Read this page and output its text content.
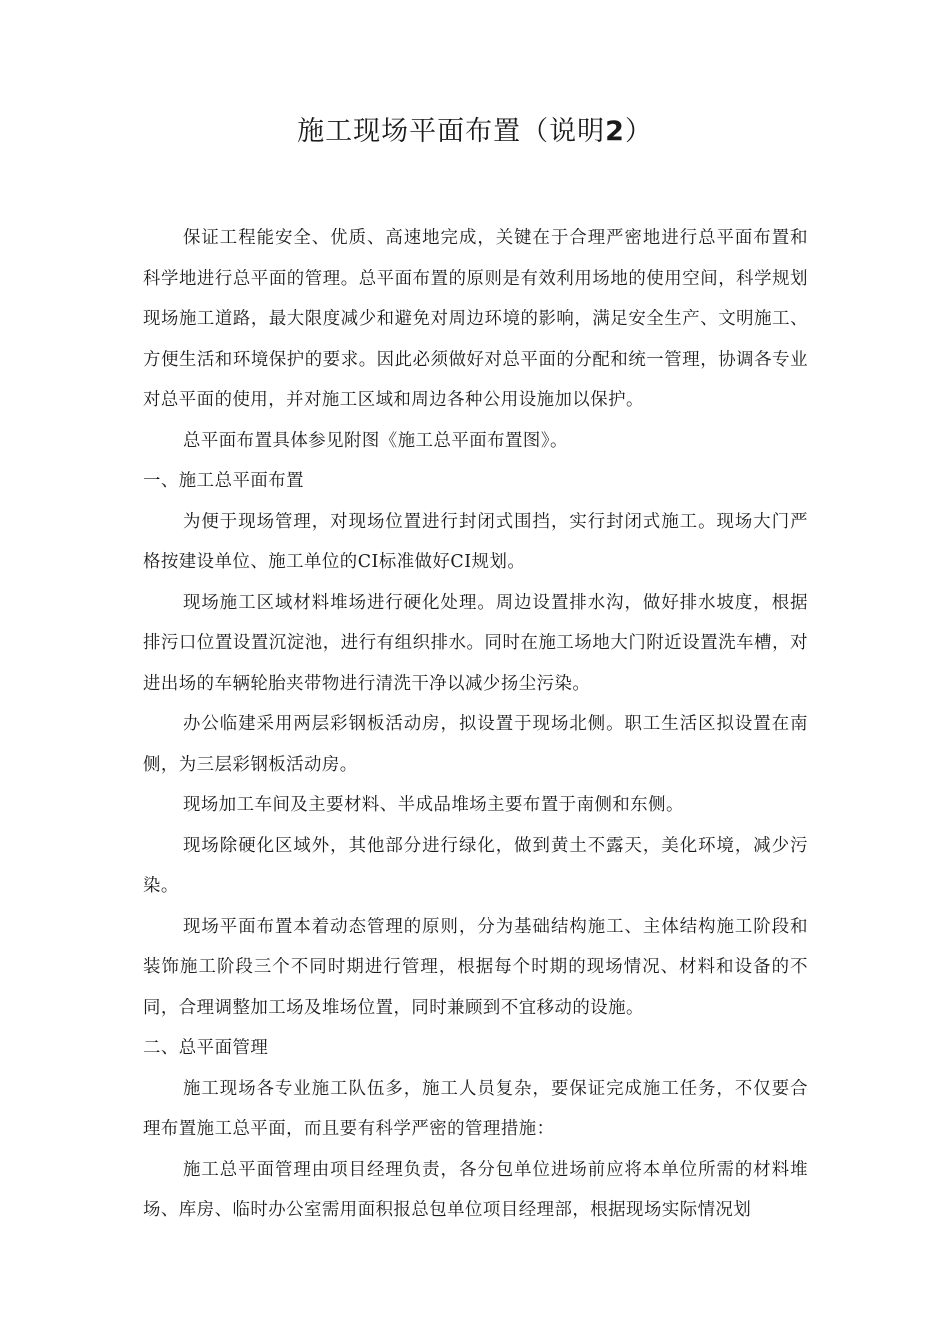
施工现场平面布置（说明2）

保证工程能安全、优质、高速地完成，关键在于合理严密地进行总平面布置和科学地进行总平面的管理。总平面布置的原则是有效利用场地的使用空间，科学规划现场施工道路，最大限度减少和避免对周边环境的影响，满足安全生产、文明施工、方便生活和环境保护的要求。因此必须做好对总平面的分配和统一管理，协调各专业对总平面的使用，并对施工区域和周边各种公用设施加以保护。

总平面布置具体参见附图《施工总平面布置图》。

一、施工总平面布置

为便于现场管理，对现场位置进行封闭式围挡，实行封闭式施工。现场大门严格按建设单位、施工单位的CI标准做好CI规划。

现场施工区域材料堆场进行硬化处理。周边设置排水沟，做好排水坡度，根据排污口位置设置沉淀池，进行有组织排水。同时在施工场地大门附近设置洗车槽，对进出场的车辆轮胎夹带物进行清洗干净以减少扬尘污染。

办公临建采用两层彩钢板活动房，拟设置于现场北侧。职工生活区拟设置在南侧，为三层彩钢板活动房。

现场加工车间及主要材料、半成品堆场主要布置于南侧和东侧。

现场除硬化区域外，其他部分进行绿化，做到黄土不露天，美化环境，减少污染。

现场平面布置本着动态管理的原则，分为基础结构施工、主体结构施工阶段和装饰施工阶段三个不同时期进行管理，根据每个时期的现场情况、材料和设备的不同，合理调整加工场及堆场位置，同时兼顾到不宜移动的设施。

二、总平面管理

施工现场各专业施工队伍多，施工人员复杂，要保证完成施工任务，不仅要合理布置施工总平面，而且要有科学严密的管理措施：

施工总平面管理由项目经理负责，各分包单位进场前应将本单位所需的材料堆场、库房、临时办公室需用面积报总包单位项目经理部，根据现场实际情况划
